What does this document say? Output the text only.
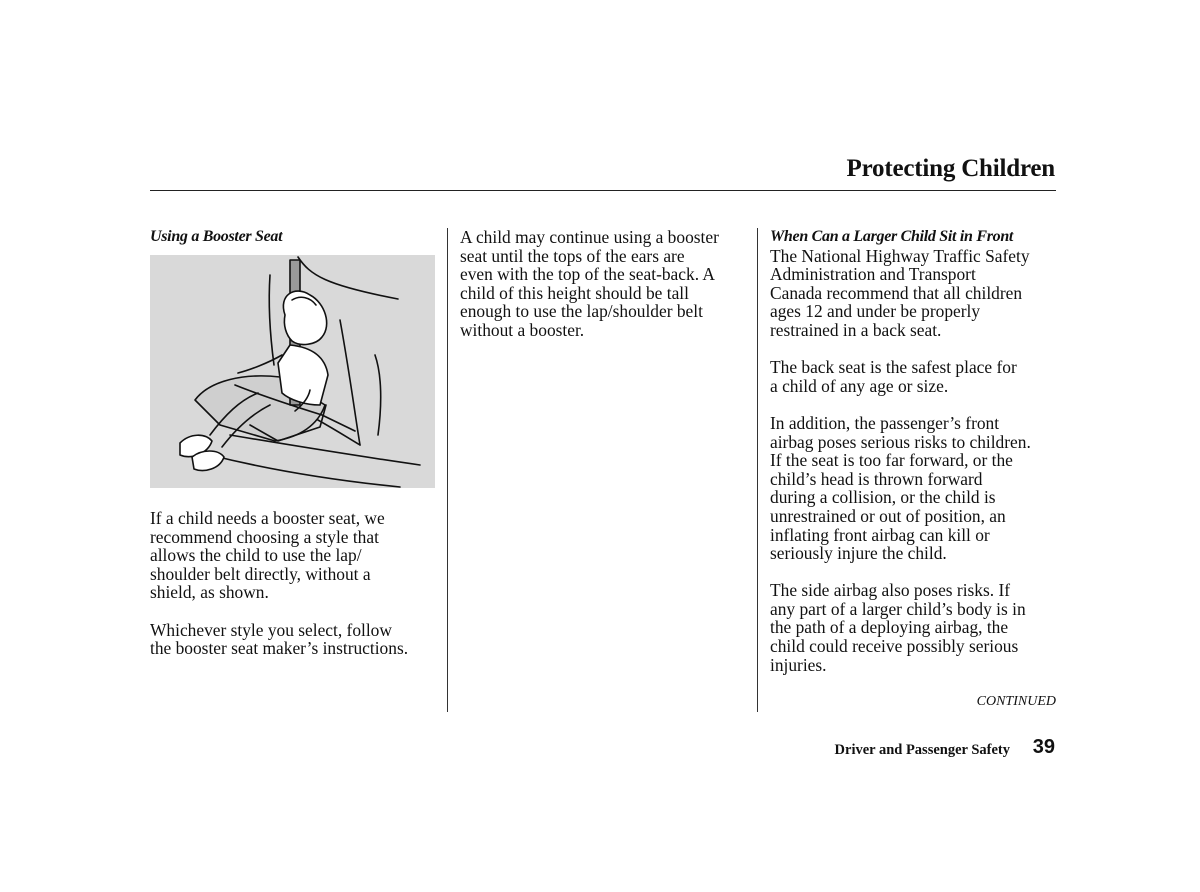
Protecting Children
Using a Booster Seat

If a child needs a booster seat, we
recommend choosing a style that
allows the child to use the lap/
shoulder belt directly, without a
shield, as shown.

Whichever style you select, follow
the booster seat maker’s instructions.

A child may continue using a booster
seat until the tops of the ears are
even with the top of the seat-back. A
child of this height should be tall
enough to use the lap/shoulder belt
without a booster.

When Can a Larger Child Sit in Front

The National Highway Traffic Safety
Administration and Transport
Canada recommend that all children
ages 12 and under be properly
restrained in a back seat.

The back seat is the safest place for
a child of any age or size.

In addition, the passenger’s front
airbag poses serious risks to children.
If the seat is too far forward, or the
child’s head is thrown forward
during a collision, or the child is
unrestrained or out of position, an
inflating front airbag can kill or
seriously injure the child.

The side airbag also poses risks. If
any part of a larger child’s body is in
the path of a deploying airbag, the
child could receive possibly serious
injuries.

CONTINUED
Driver and Passenger Safety 39
